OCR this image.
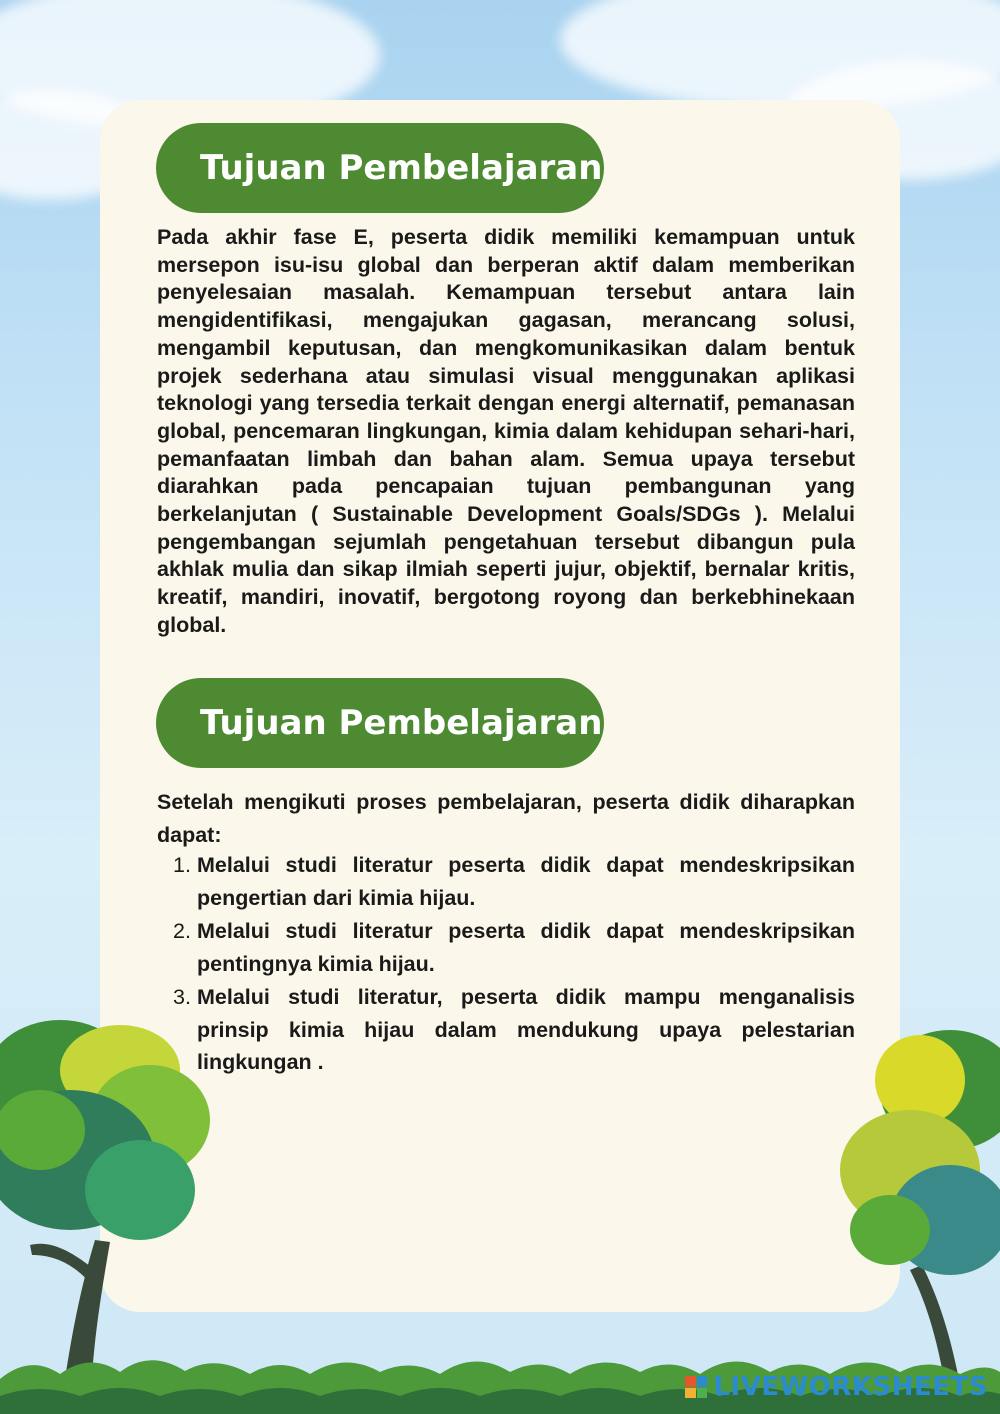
Tujuan Pembelajaran

Pada akhir fase E, peserta didik memiliki kemampuan untuk mersepon isu-isu global dan berperan aktif dalam memberikan penyelesaian masalah. Kemampuan tersebut antara lain mengidentifikasi, mengajukan gagasan, merancang solusi, mengambil keputusan, dan mengkomunikasikan dalam bentuk projek sederhana atau simulasi visual menggunakan aplikasi teknologi yang tersedia terkait dengan energi alternatif, pemanasan global, pencemaran lingkungan, kimia dalam kehidupan sehari-hari, pemanfaatan limbah dan bahan alam. Semua upaya tersebut diarahkan pada pencapaian tujuan pembangunan yang berkelanjutan ( Sustainable Development Goals/SDGs ). Melalui pengembangan sejumlah pengetahuan tersebut dibangun pula akhlak mulia dan sikap ilmiah seperti jujur, objektif, bernalar kritis, kreatif, mandiri, inovatif, bergotong royong dan berkebhinekaan global.

Tujuan Pembelajaran

Setelah mengikuti proses pembelajaran, peserta didik diharapkan dapat:

1. Melalui studi literatur peserta didik dapat mendeskripsikan pengertian dari kimia hijau.
2. Melalui studi literatur peserta didik dapat mendeskripsikan pentingnya kimia hijau.
3. Melalui studi literatur, peserta didik mampu menganalisis prinsip kimia hijau dalam mendukung upaya pelestarian lingkungan .
LIVEWORKSHEETS
